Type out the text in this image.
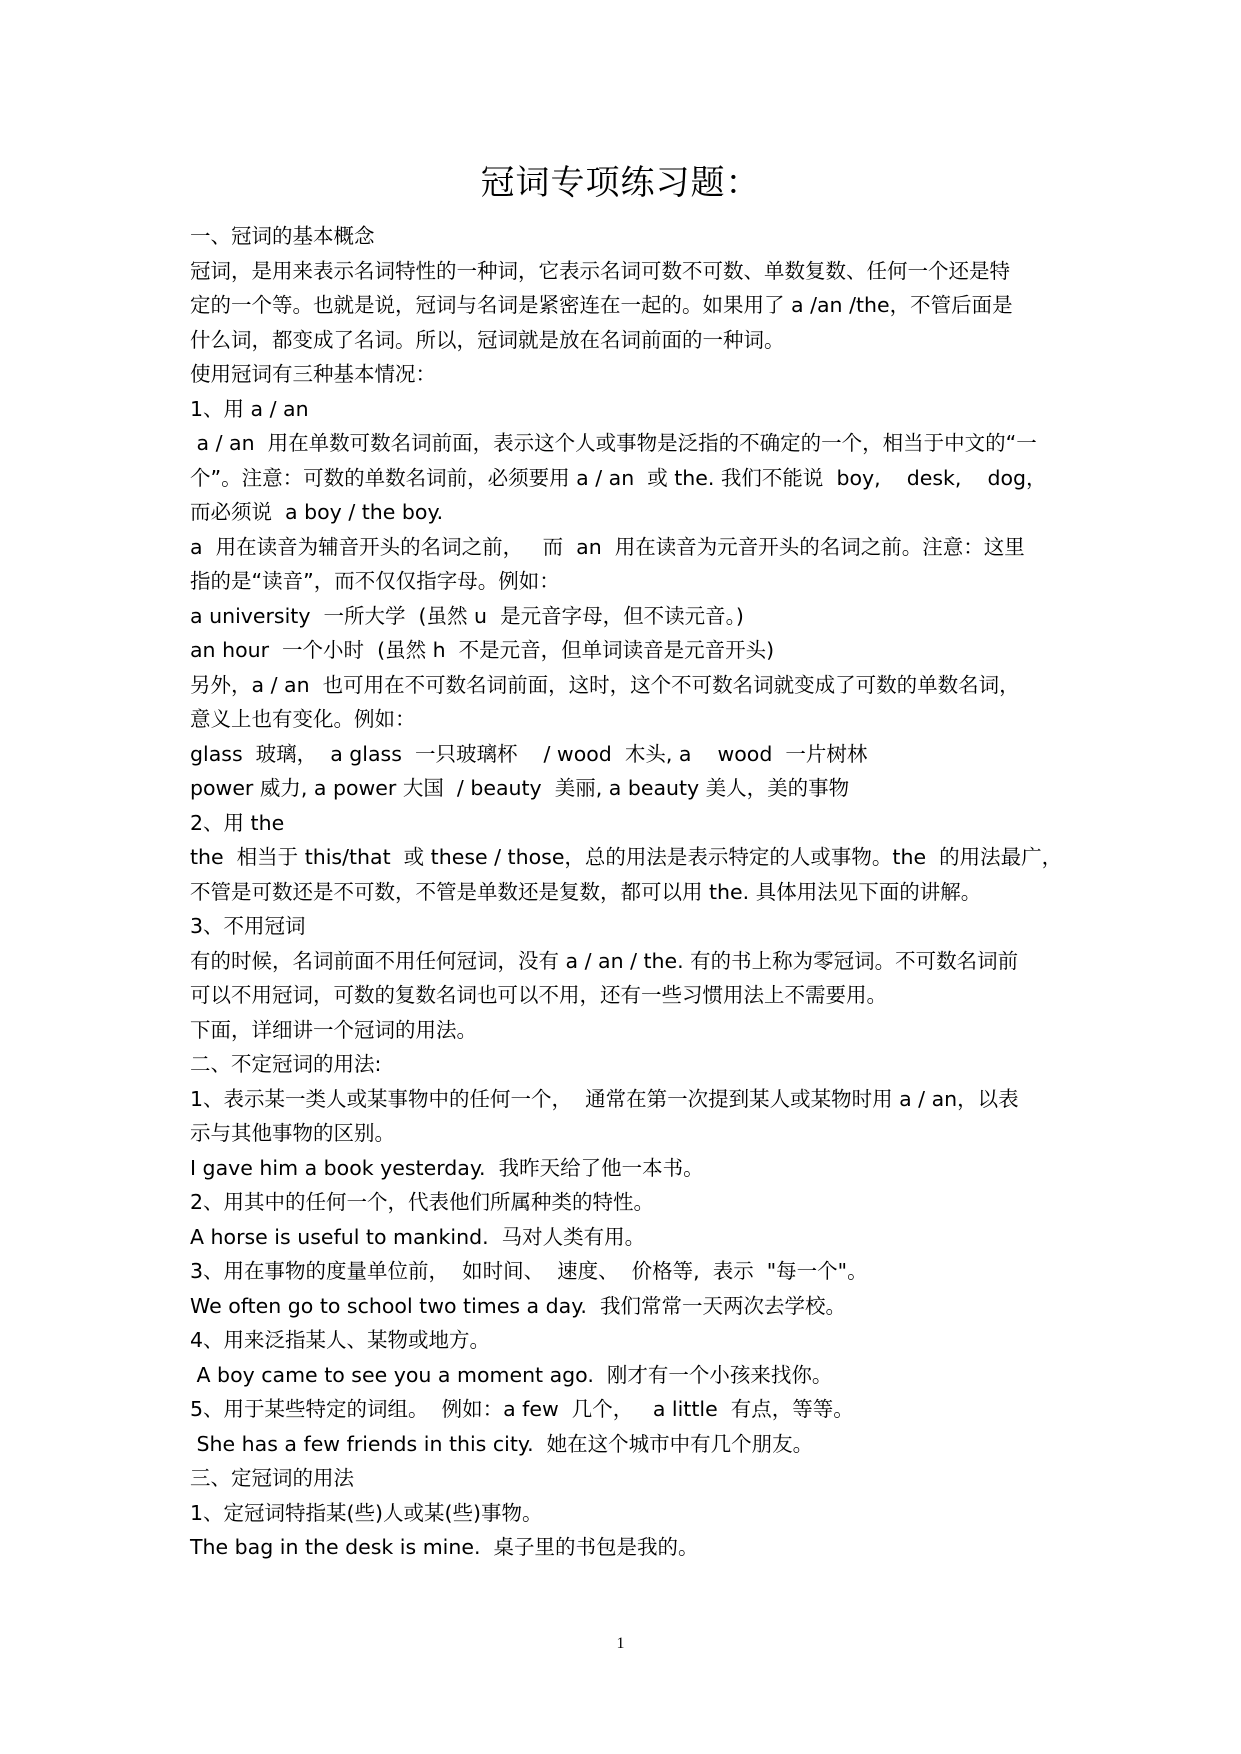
冠词专项练习题：
一、冠词的基本概念
冠词，是用来表示名词特性的一种词，它表示名词可数不可数、单数复数、任何一个还是特
定的一个等。也就是说，冠词与名词是紧密连在一起的。如果用了 a /an /the，不管后面是
什么词，都变成了名词。所以，冠词就是放在名词前面的一种词。
使用冠词有三种基本情况：
1、用 a / an
a / an  用在单数可数名词前面，表示这个人或事物是泛指的不确定的一个，相当于中文的“一
个”。注意：可数的单数名词前，必须要用 a / an  或 the. 我们不能说  boy,    desk,    dog，
而必须说  a boy / the boy.
a  用在读音为辅音开头的名词之前，   而  an  用在读音为元音开头的名词之前。注意：这里
指的是“读音”，而不仅仅指字母。例如：
a university  一所大学  (虽然 u  是元音字母，但不读元音。)
an hour  一个小时  (虽然 h  不是元音，但单词读音是元音开头)
另外，a / an  也可用在不可数名词前面，这时，这个不可数名词就变成了可数的单数名词，
意义上也有变化。例如：
glass  玻璃，  a glass  一只玻璃杯    / wood  木头, a    wood  一片树林
power 威力, a power 大国  / beauty  美丽, a beauty 美人，美的事物
2、用 the
the  相当于 this/that  或 these / those，总的用法是表示特定的人或事物。the  的用法最广，
不管是可数还是不可数，不管是单数还是复数，都可以用 the. 具体用法见下面的讲解。
3、不用冠词
有的时候，名词前面不用任何冠词，没有 a / an / the. 有的书上称为零冠词。不可数名词前
可以不用冠词，可数的复数名词也可以不用，还有一些习惯用法上不需要用。
下面，详细讲一个冠词的用法。
二、不定冠词的用法:
1、表示某一类人或某事物中的任何一个，  通常在第一次提到某人或某物时用 a / an，以表
示与其他事物的区别。
I gave him a book yesterday.  我昨天给了他一本书。
2、用其中的任何一个，代表他们所属种类的特性。
A horse is useful to mankind.  马对人类有用。
3、用在事物的度量单位前，  如时间、  速度、  价格等,  表示  "每一个"。
We often go to school two times a day.  我们常常一天两次去学校。
4、用来泛指某人、某物或地方。
A boy came to see you a moment ago.  刚才有一个小孩来找你。
5、用于某些特定的词组。  例如：a few  几个，   a little  有点，等等。
She has a few friends in this city.  她在这个城市中有几个朋友。
三、定冠词的用法
1、定冠词特指某(些)人或某(些)事物。
The bag in the desk is mine.  桌子里的书包是我的。
1
